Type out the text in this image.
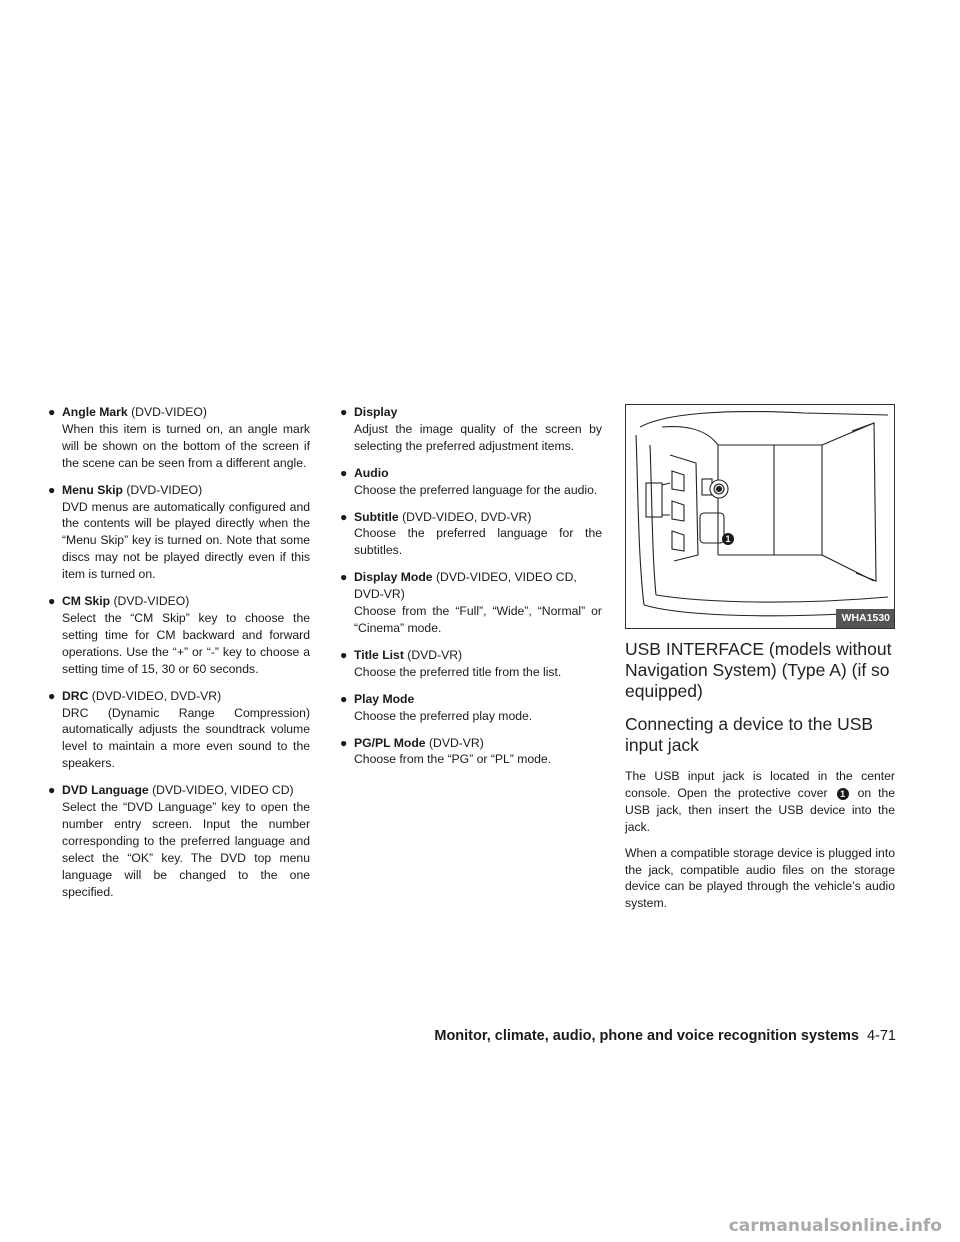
● Angle Mark (DVD-VIDEO)
When this item is turned on, an angle mark will be shown on the bottom of the screen if the scene can be seen from a different angle.
● Menu Skip (DVD-VIDEO)
DVD menus are automatically configured and the contents will be played directly when the “Menu Skip” key is turned on. Note that some discs may not be played directly even if this item is turned on.
● CM Skip (DVD-VIDEO)
Select the “CM Skip” key to choose the setting time for CM backward and forward operations. Use the “+” or “-” key to choose a setting time of 15, 30 or 60 seconds.
● DRC (DVD-VIDEO, DVD-VR)
DRC (Dynamic Range Compression) automatically adjusts the soundtrack volume level to maintain a more even sound to the speakers.
● DVD Language (DVD-VIDEO, VIDEO CD)
Select the “DVD Language” key to open the number entry screen. Input the number corresponding to the preferred language and select the “OK” key. The DVD top menu language will be changed to the one specified.
● Display
Adjust the image quality of the screen by selecting the preferred adjustment items.
● Audio
Choose the preferred language for the audio.
● Subtitle (DVD-VIDEO, DVD-VR)
Choose the preferred language for the subtitles.
● Display Mode (DVD-VIDEO, VIDEO CD, DVD-VR)
Choose from the “Full”, “Wide”, “Normal” or “Cinema” mode.
● Title List (DVD-VR)
Choose the preferred title from the list.
● Play Mode
Choose the preferred play mode.
● PG/PL Mode (DVD-VR)
Choose from the “PG” or “PL” mode.
1
WHA1530
USB INTERFACE (models without Navigation System) (Type A) (if so equipped)
Connecting a device to the USB input jack

The USB input jack is located in the center console. Open the protective cover 1 on the USB jack, then insert the USB device into the jack.

When a compatible storage device is plugged into the jack, compatible audio files on the storage device can be played through the vehicle’s audio system.

Monitor, climate, audio, phone and voice recognition systems 4-71
carmanualsonline.info
